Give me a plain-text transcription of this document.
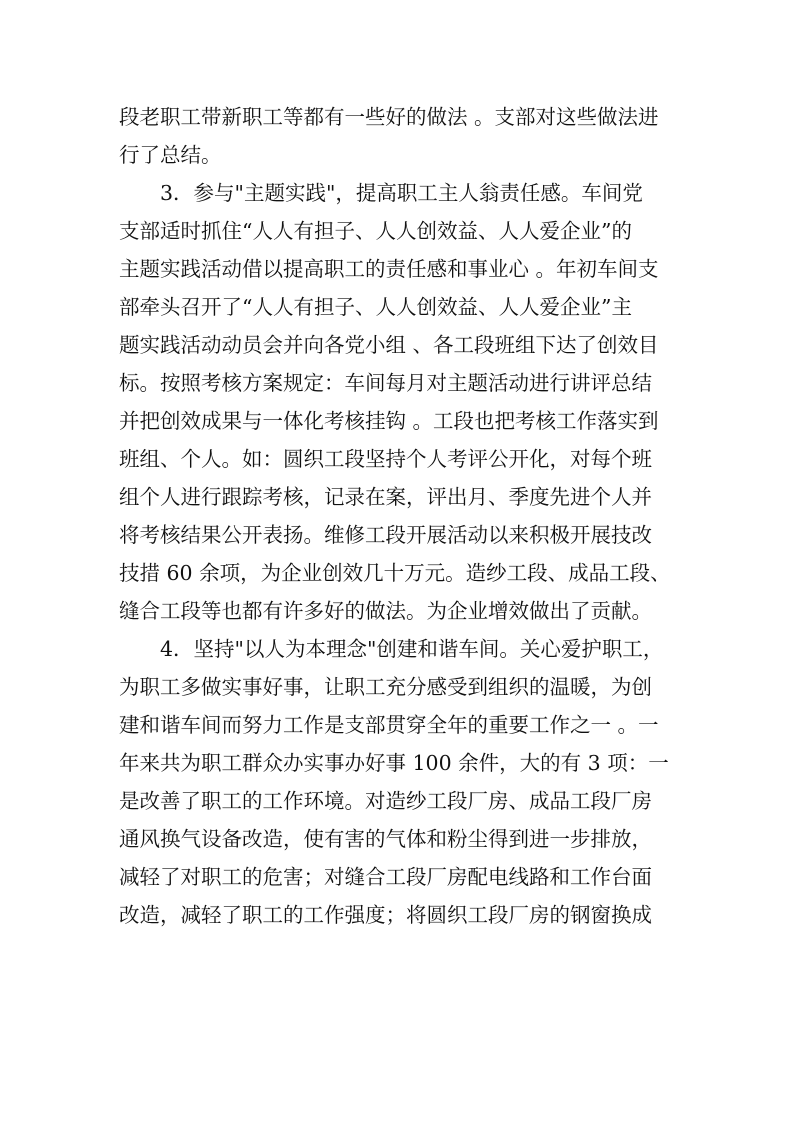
段老职工带新职工等都有一些好的做法 。支部对这些做法进
行了总结。
3．参与"主题实践"，提高职工主人翁责任感。车间党
支部适时抓住“人人有担子、人人创效益、人人爱企业”的
主题实践活动借以提高职工的责任感和事业心 。年初车间支
部牵头召开了“人人有担子、人人创效益、人人爱企业”主
题实践活动动员会并向各党小组 、各工段班组下达了创效目
标。按照考核方案规定：车间每月对主题活动进行讲评总结
并把创效成果与一体化考核挂钩 。工段也把考核工作落实到
班组、个人。如：圆织工段坚持个人考评公开化，对每个班
组个人进行跟踪考核，记录在案，评出月、季度先进个人并
将考核结果公开表扬。维修工段开展活动以来积极开展技改
技措 60 余项，为企业创效几十万元。造纱工段、成品工段、
缝合工段等也都有许多好的做法。为企业增效做出了贡献。
4．坚持"以人为本理念"创建和谐车间。关心爱护职工，
为职工多做实事好事，让职工充分感受到组织的温暖，为创
建和谐车间而努力工作是支部贯穿全年的重要工作之一 。一
年来共为职工群众办实事办好事 100 余件，大的有 3 项：一
是改善了职工的工作环境。对造纱工段厂房、成品工段厂房
通风换气设备改造，使有害的气体和粉尘得到进一步排放，
减轻了对职工的危害；对缝合工段厂房配电线路和工作台面
改造，减轻了职工的工作强度；将圆织工段厂房的钢窗换成
